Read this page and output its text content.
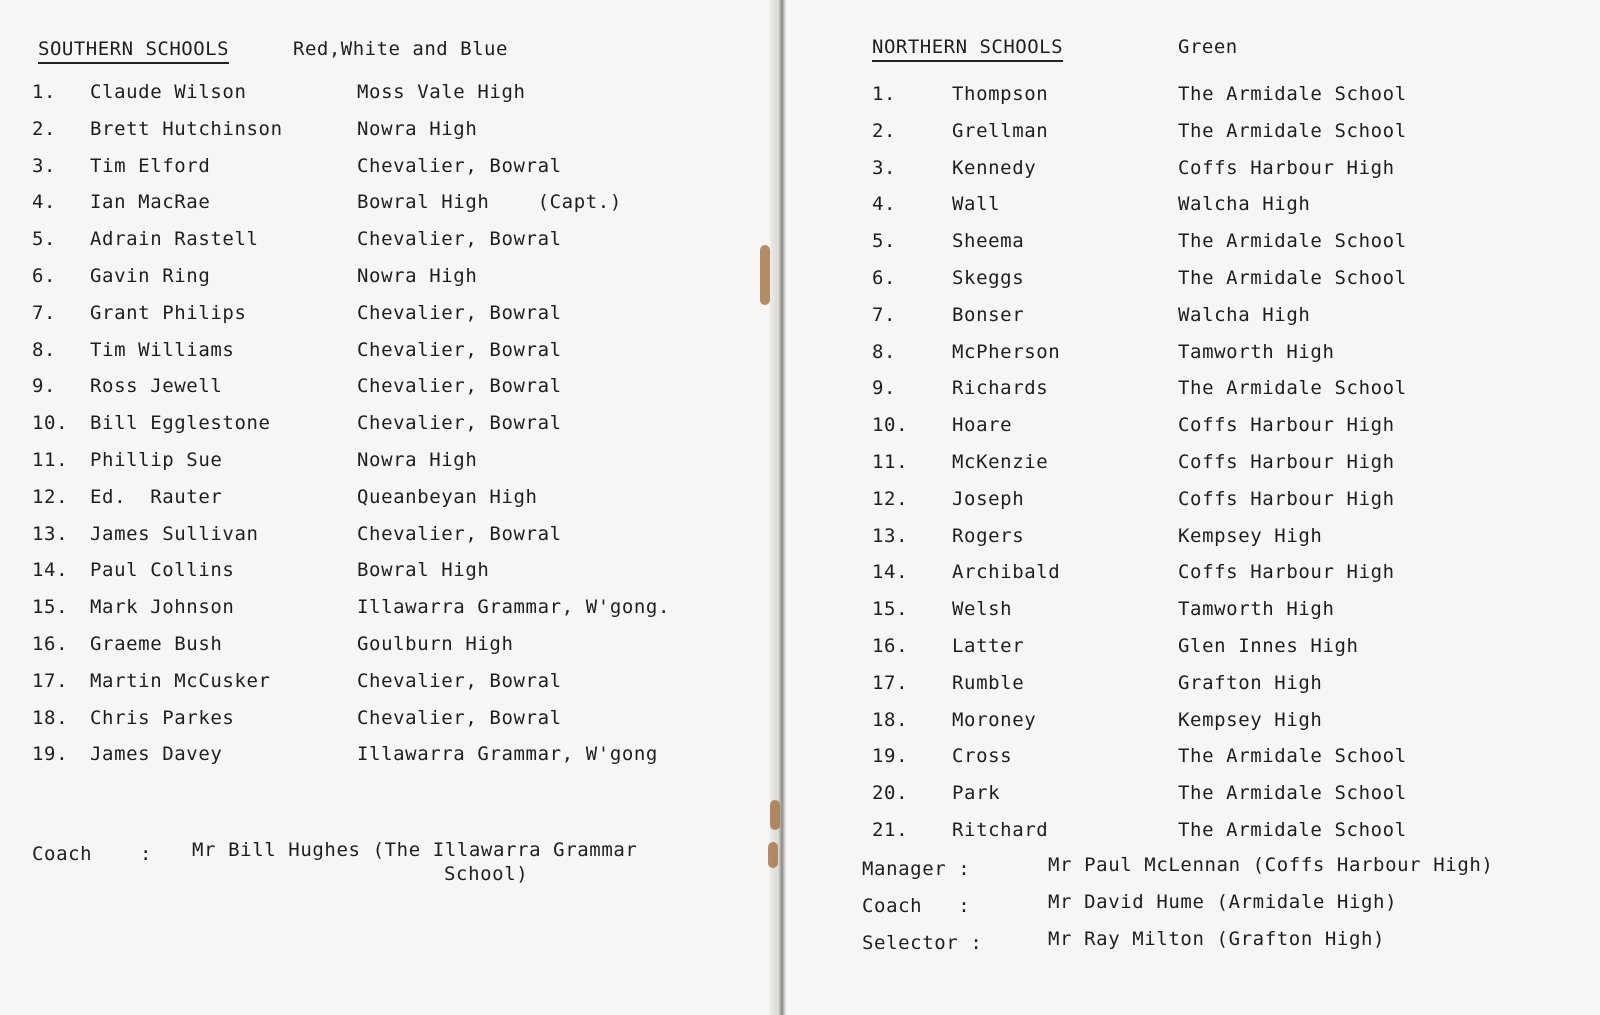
SOUTHERN SCHOOLS	Red,White and Blue
1. Claude Wilson	Moss Vale High
2. Brett Hutchinson	Nowra High
3. Tim Elford	Chevalier, Bowral
4. Ian MacRae	Bowral High    (Capt.)
5. Adrain Rastell	Chevalier, Bowral
6. Gavin Ring	Nowra High
7. Grant Philips	Chevalier, Bowral
8. Tim Williams	Chevalier, Bowral
9. Ross Jewell	Chevalier, Bowral
10. Bill Egglestone	Chevalier, Bowral
11. Phillip Sue	Nowra High
12. Ed.  Rauter	Queanbeyan High
13. James Sullivan	Chevalier, Bowral
14. Paul Collins	Bowral High
15. Mark Johnson	Illawarra Grammar, W'gong.
16. Graeme Bush	Goulburn High
17. Martin McCusker	Chevalier, Bowral
18. Chris Parkes	Chevalier, Bowral
19. James Davey	Illawarra Grammar, W'gong
Coach	: Mr Bill Hughes (The Illawarra Grammar
School)
NORTHERN SCHOOLS	Green
1.	Thompson	The Armidale School
2.	Grellman	The Armidale School
3.	Kennedy	Coffs Harbour High
4.	Wall	Walcha High
5.	Sheema	The Armidale School
6.	Skeggs	The Armidale School
7.	Bonser	Walcha High
8.	McPherson	Tamworth High
9.	Richards	The Armidale School
10. Hoare	Coffs Harbour High
11. McKenzie	Coffs Harbour High
12. Joseph	Coffs Harbour High
13. Rogers	Kempsey High
14. Archibald	Coffs Harbour High
15. Welsh	Tamworth High
16. Latter	Glen Innes High
17. Rumble	Grafton High
18. Moroney	Kempsey High
19. Cross	The Armidale School
20. Park	The Armidale School
21. Ritchard	The Armidale School
Manager :	Mr Paul McLennan (Coffs Harbour High)
Coach   :	Mr David Hume (Armidale High)
Selector :	Mr Ray Milton (Grafton High)
